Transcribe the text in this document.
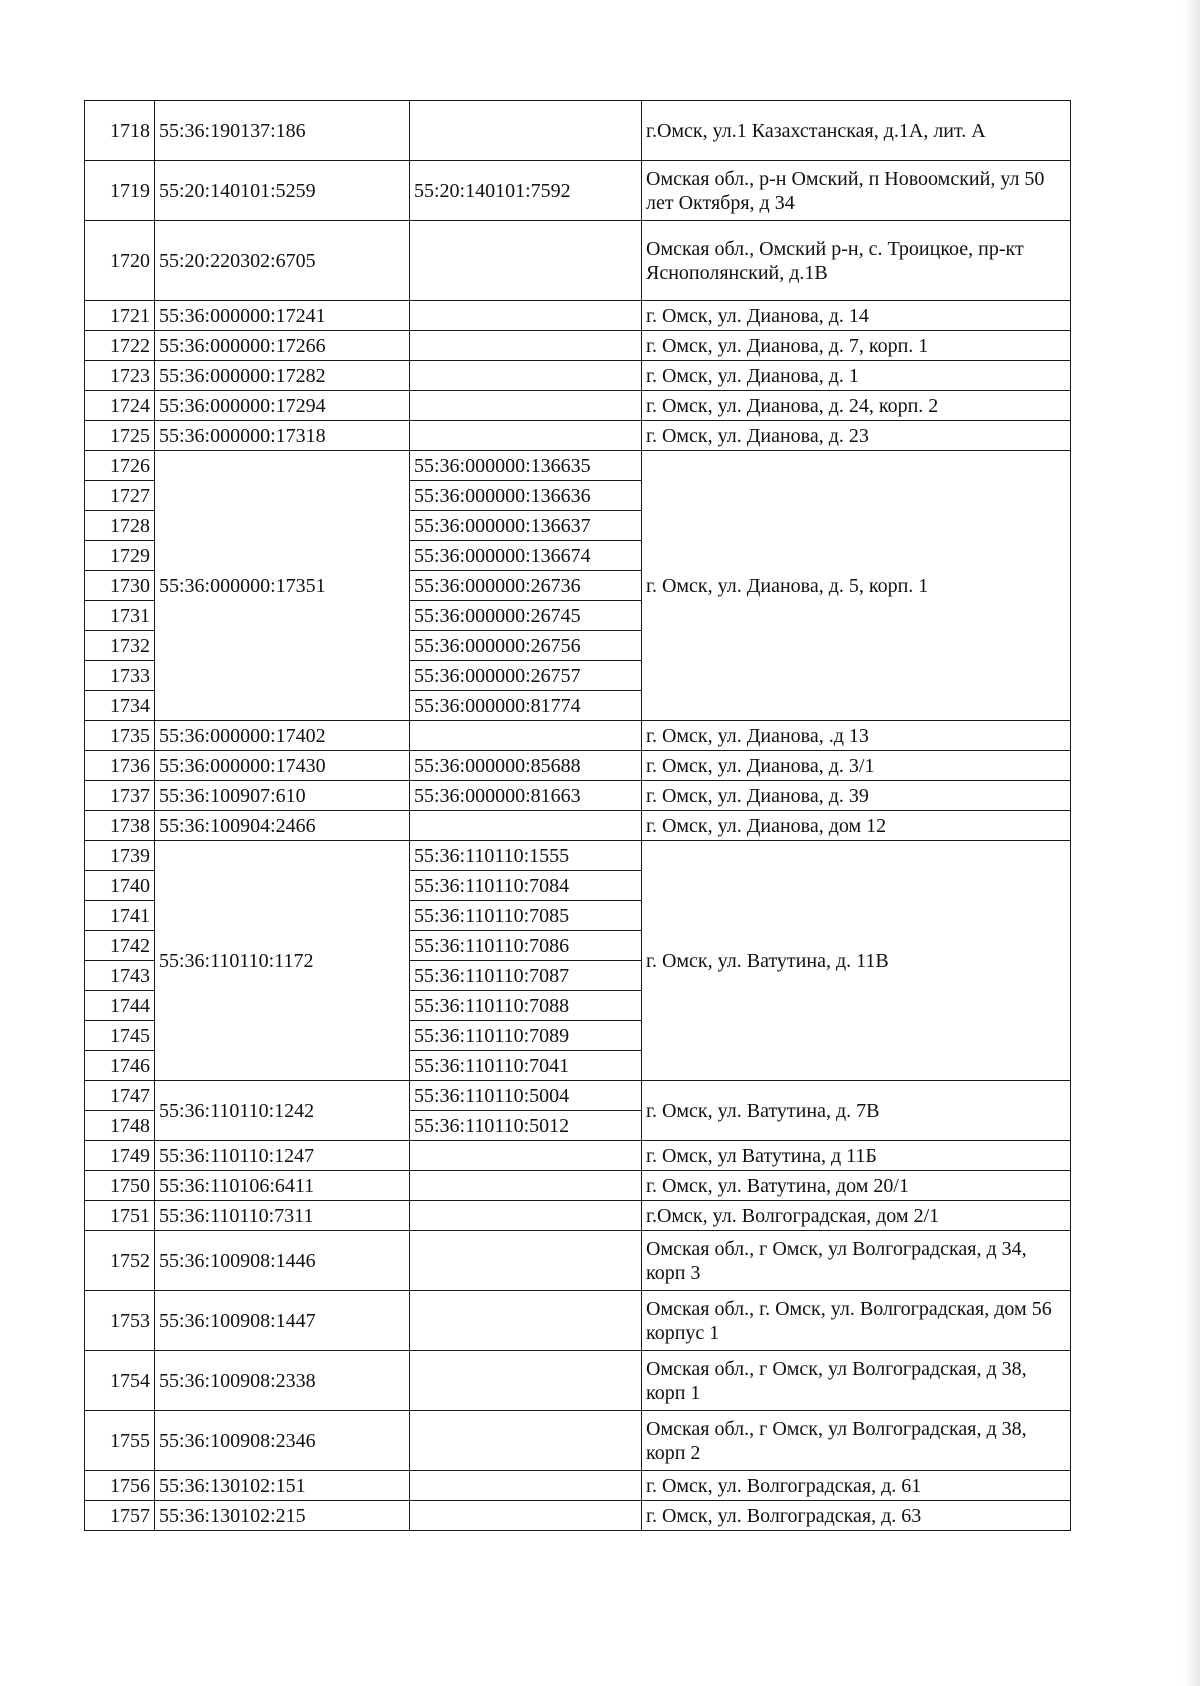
1718	55:36:190137:186		г.Омск, ул.1 Казахстанская, д.1А, лит. А
1719	55:20:140101:5259	55:20:140101:7592	Омская обл., р-н Омский, п Новоомский, ул 50 лет Октября, д 34
1720	55:20:220302:6705		Омская обл., Омский р-н, с. Троицкое, пр-кт Яснополянский, д.1В
1721	55:36:000000:17241		г. Омск, ул. Дианова, д. 14
1722	55:36:000000:17266		г. Омск, ул. Дианова, д. 7, корп. 1
1723	55:36:000000:17282		г. Омск, ул. Дианова, д. 1
1724	55:36:000000:17294		г. Омск, ул. Дианова, д. 24, корп. 2
1725	55:36:000000:17318		г. Омск, ул. Дианова, д. 23
1726	55:36:000000:17351	55:36:000000:136635	г. Омск, ул. Дианова, д. 5, корп. 1
1727		55:36:000000:136636	
1728		55:36:000000:136637	
1729		55:36:000000:136674	
1730		55:36:000000:26736	
1731		55:36:000000:26745	
1732		55:36:000000:26756	
1733		55:36:000000:26757	
1734		55:36:000000:81774	
1735	55:36:000000:17402		г. Омск, ул. Дианова, .д 13
1736	55:36:000000:17430	55:36:000000:85688	г. Омск, ул. Дианова, д. 3/1
1737	55:36:100907:610	55:36:000000:81663	г. Омск, ул. Дианова, д. 39
1738	55:36:100904:2466		г. Омск, ул. Дианова, дом 12
1739	55:36:110110:1172	55:36:110110:1555	г. Омск, ул. Ватутина, д. 11В
1740		55:36:110110:7084	
1741		55:36:110110:7085	
1742		55:36:110110:7086	
1743		55:36:110110:7087	
1744		55:36:110110:7088	
1745		55:36:110110:7089	
1746		55:36:110110:7041	
1747	55:36:110110:1242	55:36:110110:5004	г. Омск, ул. Ватутина, д. 7В
1748		55:36:110110:5012	
1749	55:36:110110:1247		г. Омск, ул Ватутина, д 11Б
1750	55:36:110106:6411		г. Омск, ул. Ватутина, дом 20/1
1751	55:36:110110:7311		г.Омск, ул. Волгоградская, дом 2/1
1752	55:36:100908:1446		Омская обл., г Омск, ул Волгоградская, д 34, корп 3
1753	55:36:100908:1447		Омская обл., г. Омск, ул. Волгоградская, дом 56 корпус 1
1754	55:36:100908:2338		Омская обл., г Омск, ул Волгоградская, д 38, корп 1
1755	55:36:100908:2346		Омская обл., г Омск, ул Волгоградская, д 38, корп 2
1756	55:36:130102:151		г. Омск, ул. Волгоградская, д. 61
1757	55:36:130102:215		г. Омск, ул. Волгоградская, д. 63
